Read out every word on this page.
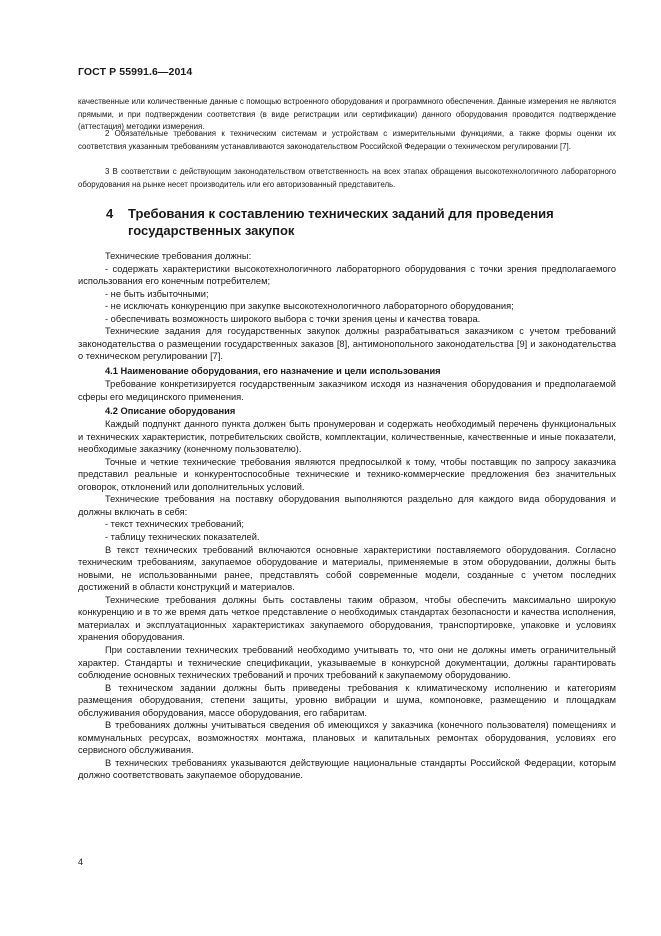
ГОСТ Р 55991.6—2014
качественные или количественные данные с помощью встроенного оборудования и программного обеспечения. Данные измерения не являются прямыми, и при подтверждении соответствия (в виде регистрации или сертификации) данного оборудования проводится подтверждение (аттестация) методики измерения.
2 Обязательные требования к техническим системам и устройствам с измерительными функциями, а также формы оценки их соответствия указанным требованиям устанавливаются законодательством Российской Федерации о техническом регулировании [7].
3 В соответствии с действующим законодательством ответственность на всех этапах обращения высокотехнологичного лабораторного оборудования на рынке несет производитель или его авторизованный представитель.
4 Требования к составлению технических заданий для проведения
государственных закупок

Технические требования должны:

- содержать характеристики высокотехнологичного лабораторного оборудования с точки зрения предполагаемого использования его конечным потребителем;

- не быть избыточными;

- не исключать конкуренцию при закупке высокотехнологичного лабораторного оборудования;

- обеспечивать возможность широкого выбора с точки зрения цены и качества товара.

Технические задания для государственных закупок должны разрабатываться заказчиком с учетом требований законодательства о размещении государственных заказов [8], антимонопольного законодательства [9] и законодательства о техническом регулировании [7].

4.1 Наименование оборудования, его назначение и цели использования

Требование конкретизируется государственным заказчиком исходя из назначения оборудования и предполагаемой сферы его медицинского применения.

4.2 Описание оборудования

Каждый подпункт данного пункта должен быть пронумерован и содержать необходимый перечень функциональных и технических характеристик, потребительских свойств, комплектации, количественные, качественные и иные показатели, необходимые заказчику (конечному пользователю).

Точные и четкие технические требования являются предпосылкой к тому, чтобы поставщик по запросу заказчика представил реальные и конкурентоспособные технические и технико-коммерческие предложения без значительных оговорок, отклонений или дополнительных условий.

Технические требования на поставку оборудования выполняются раздельно для каждого вида оборудования и должны включать в себя:

- текст технических требований;

- таблицу технических показателей.

В текст технических требований включаются основные характеристики поставляемого оборудования. Согласно техническим требованиям, закупаемое оборудование и материалы, применяемые в этом оборудовании, должны быть новыми, не использованными ранее, представлять собой современные модели, созданные с учетом последних достижений в области конструкций и материалов.

Технические требования должны быть составлены таким образом, чтобы обеспечить максимально широкую конкуренцию и в то же время дать четкое представление о необходимых стандартах безопасности и качества исполнения, материалах и эксплуатационных характеристиках закупаемого оборудования, транспортировке, упаковке и условиях хранения оборудования.

При составлении технических требований необходимо учитывать то, что они не должны иметь ограничительный характер. Стандарты и технические спецификации, указываемые в конкурсной документации, должны гарантировать соблюдение основных технических требований и прочих требований к закупаемому оборудованию.

В техническом задании должны быть приведены требования к климатическому исполнению и категориям размещения оборудования, степени защиты, уровню вибрации и шума, компоновке, размещению и площадкам обслуживания оборудования, массе оборудования, его габаритам.

В требованиях должны учитываться сведения об имеющихся у заказчика (конечного пользователя) помещениях и коммунальных ресурсах, возможностях монтажа, плановых и капитальных ремонтах оборудования, условиях его сервисного обслуживания.

В технических требованиях указываются действующие национальные стандарты Российской Федерации, которым должно соответствовать закупаемое оборудование.

4
